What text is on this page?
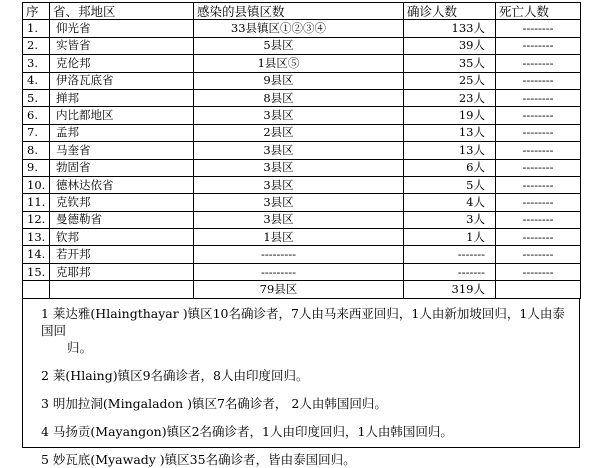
序	省、邦地区	感染的县镇区数	确诊人数	死亡人数
1.	仰光省	33县镇区①②③④	133人	--------
2.	实皆省	5县区	39人	--------
3.	克伦邦	1县区⑤	35人	--------
4.	伊洛瓦底省	9县区	25人	--------
5.	掸邦	8县区	23人	--------
6.	内比都地区	3县区	19人	--------
7.	孟邦	2县区	13人	--------
8.	马奎省	3县区	13人	--------
9.	勃固省	3县区	6人	--------
10.	德林达依省	3县区	5人	--------
11.	克钦邦	3县区	4人	--------
12.	曼德勒省	3县区	3人	--------
13.	钦邦	1县区	1人	--------
14.	若开邦	---------	-------	--------
15.	克耶邦	---------	-------	--------
		79县区	319人	
1 莱达雅(Hlaingthayar )镇区10名确诊者，7人由马来西亚回归，1人由新加坡回归，1人由泰国回
归。
2 莱(Hlaing)镇区9名确诊者，8人由印度回归。
3 明加拉洞(Mingaladon )镇区7名确诊者， 2人由韩国回归。
4 马扬贡(Mayangon)镇区2名确诊者，1人由印度回归，1人由韩国回归。
5 妙瓦底(Myawady )镇区35名确诊者，皆由泰国回归。
